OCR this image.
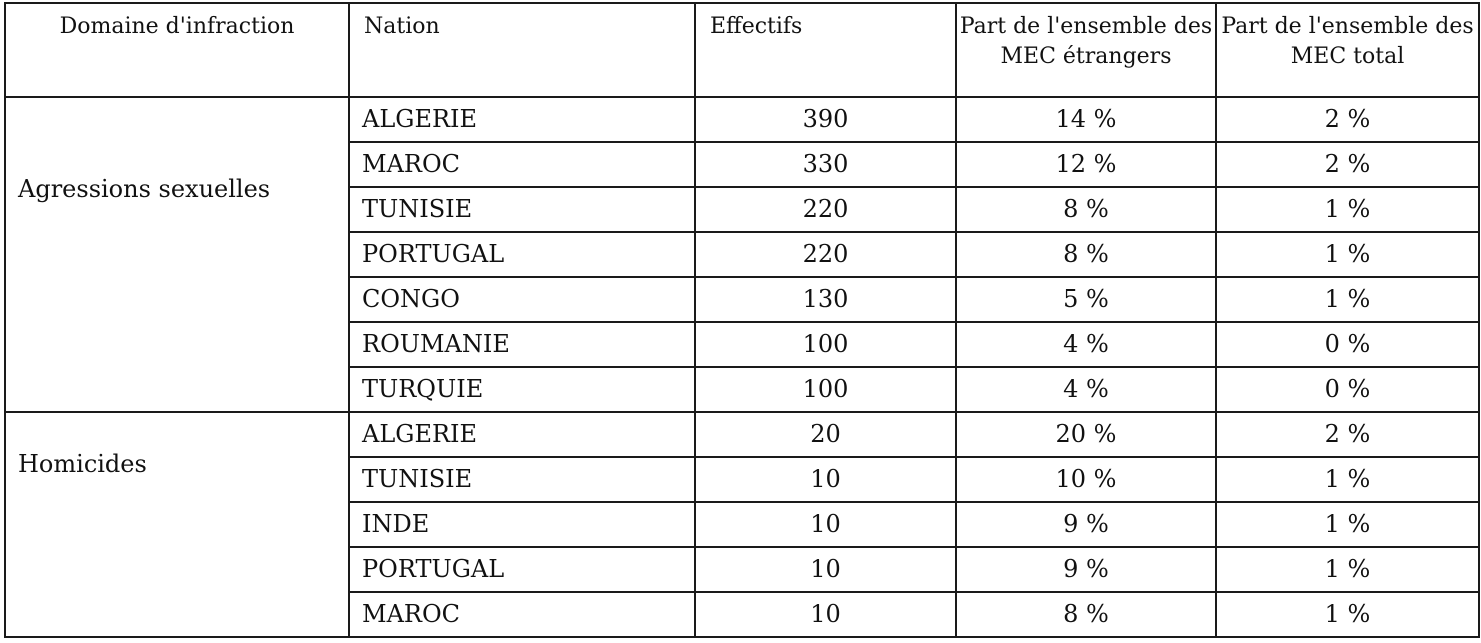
Domaine d'infraction	Nation	Effectifs	Part de l'ensemble des MEC étrangers	Part de l'ensemble des MEC total
Agressions sexuelles	ALGERIE	390	14 %	2 %
	MAROC	330	12 %	2 %
	TUNISIE	220	8 %	1 %
	PORTUGAL	220	8 %	1 %
	CONGO	130	5 %	1 %
	ROUMANIE	100	4 %	0 %
	TURQUIE	100	4 %	0 %
Homicides	ALGERIE	20	20 %	2 %
	TUNISIE	10	10 %	1 %
	INDE	10	9 %	1 %
	PORTUGAL	10	9 %	1 %
	MAROC	10	8 %	1 %
